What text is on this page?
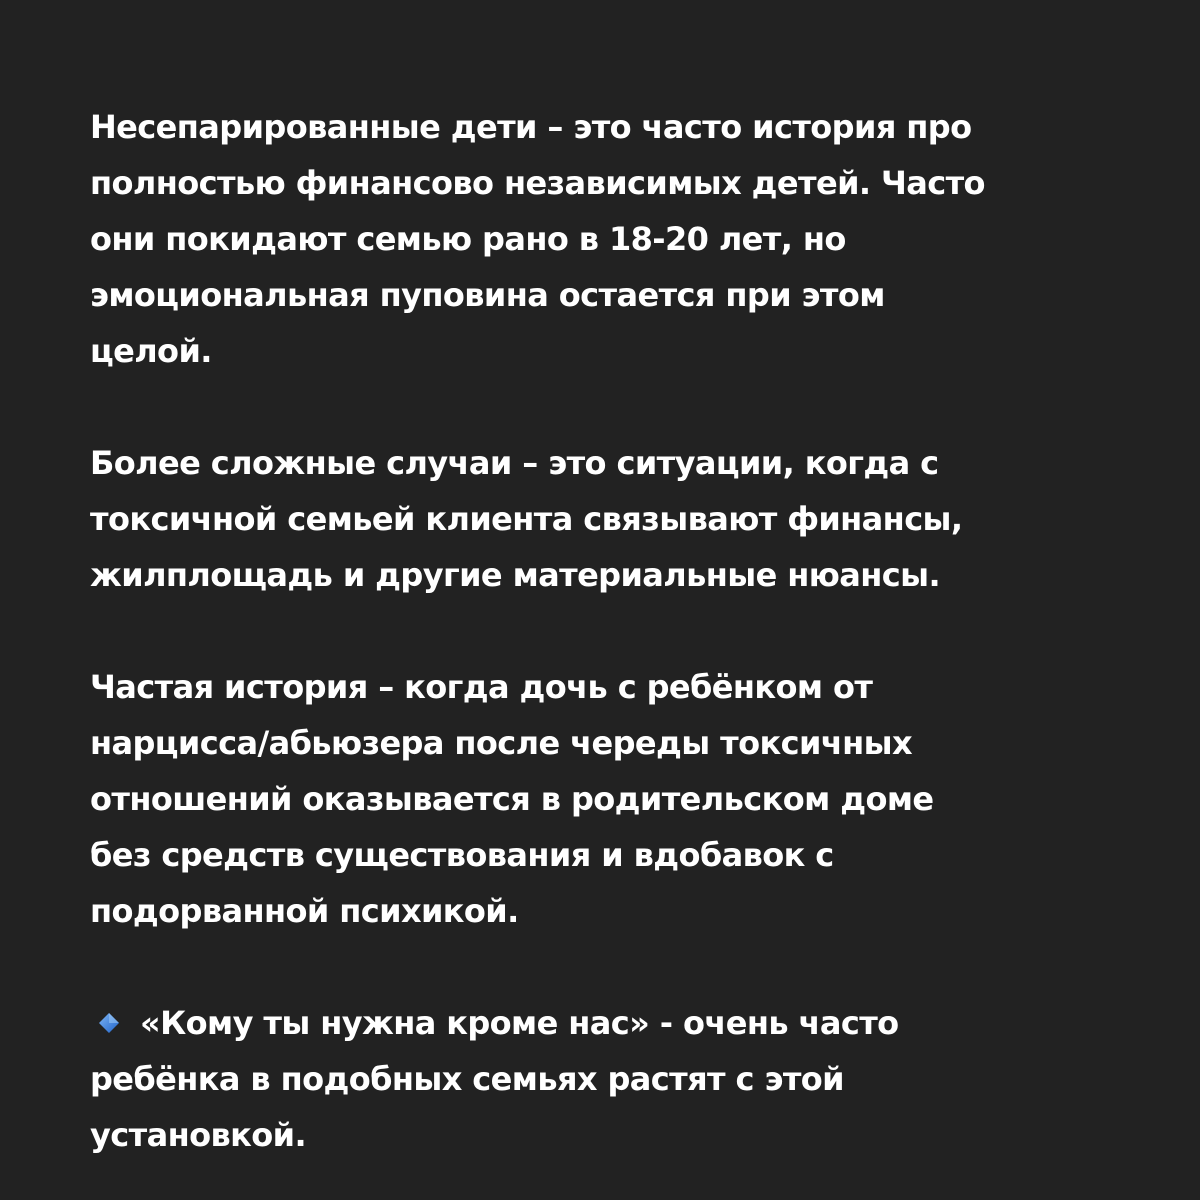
Несепарированные дети – это часто история про
полностью финансово независимых детей. Часто
они покидают семью рано в 18-20 лет, но
эмоциональная пуповина остается при этом
целой.

Более сложные случаи – это ситуации, когда с
токсичной семьей клиента связывают финансы,
жилплощадь и другие материальные нюансы.

Частая история – когда дочь с ребёнком от
нарцисса/абьюзера после череды токсичных
отношений оказывается в родительском доме
без средств существования и вдобавок с
подорванной психикой.

«Кому ты нужна кроме нас» - очень часто
ребёнка в подобных семьях растят с этой
установкой.
